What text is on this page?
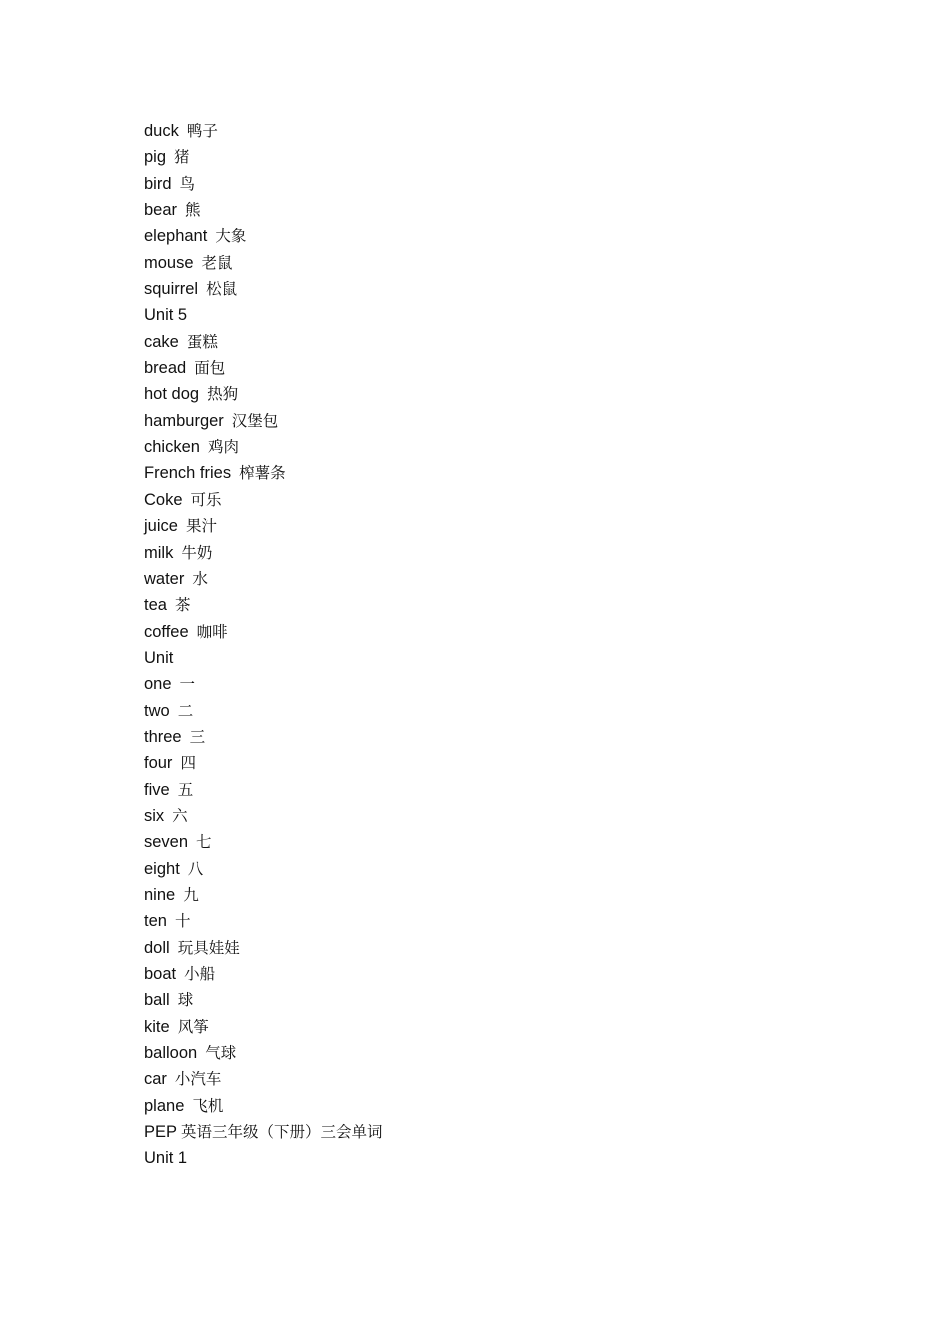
duck 鸭子
pig 猪
bird 鸟
bear 熊
elephant 大象
mouse 老鼠
squirrel 松鼠
Unit 5
cake 蛋糕
bread 面包
hot dog 热狗
hamburger 汉堡包
chicken 鸡肉
French fries 榨薯条
Coke 可乐
juice 果汁
milk 牛奶
water 水
tea 茶
coffee 咖啡
Unit
one 一
two 二
three 三
four 四
five 五
six 六
seven 七
eight 八
nine 九
ten 十
doll 玩具娃娃
boat 小船
ball 球
kite 风筝
balloon 气球
car 小汽车
plane 飞机
PEP 英语三年级（下册）三会单词
Unit 1
